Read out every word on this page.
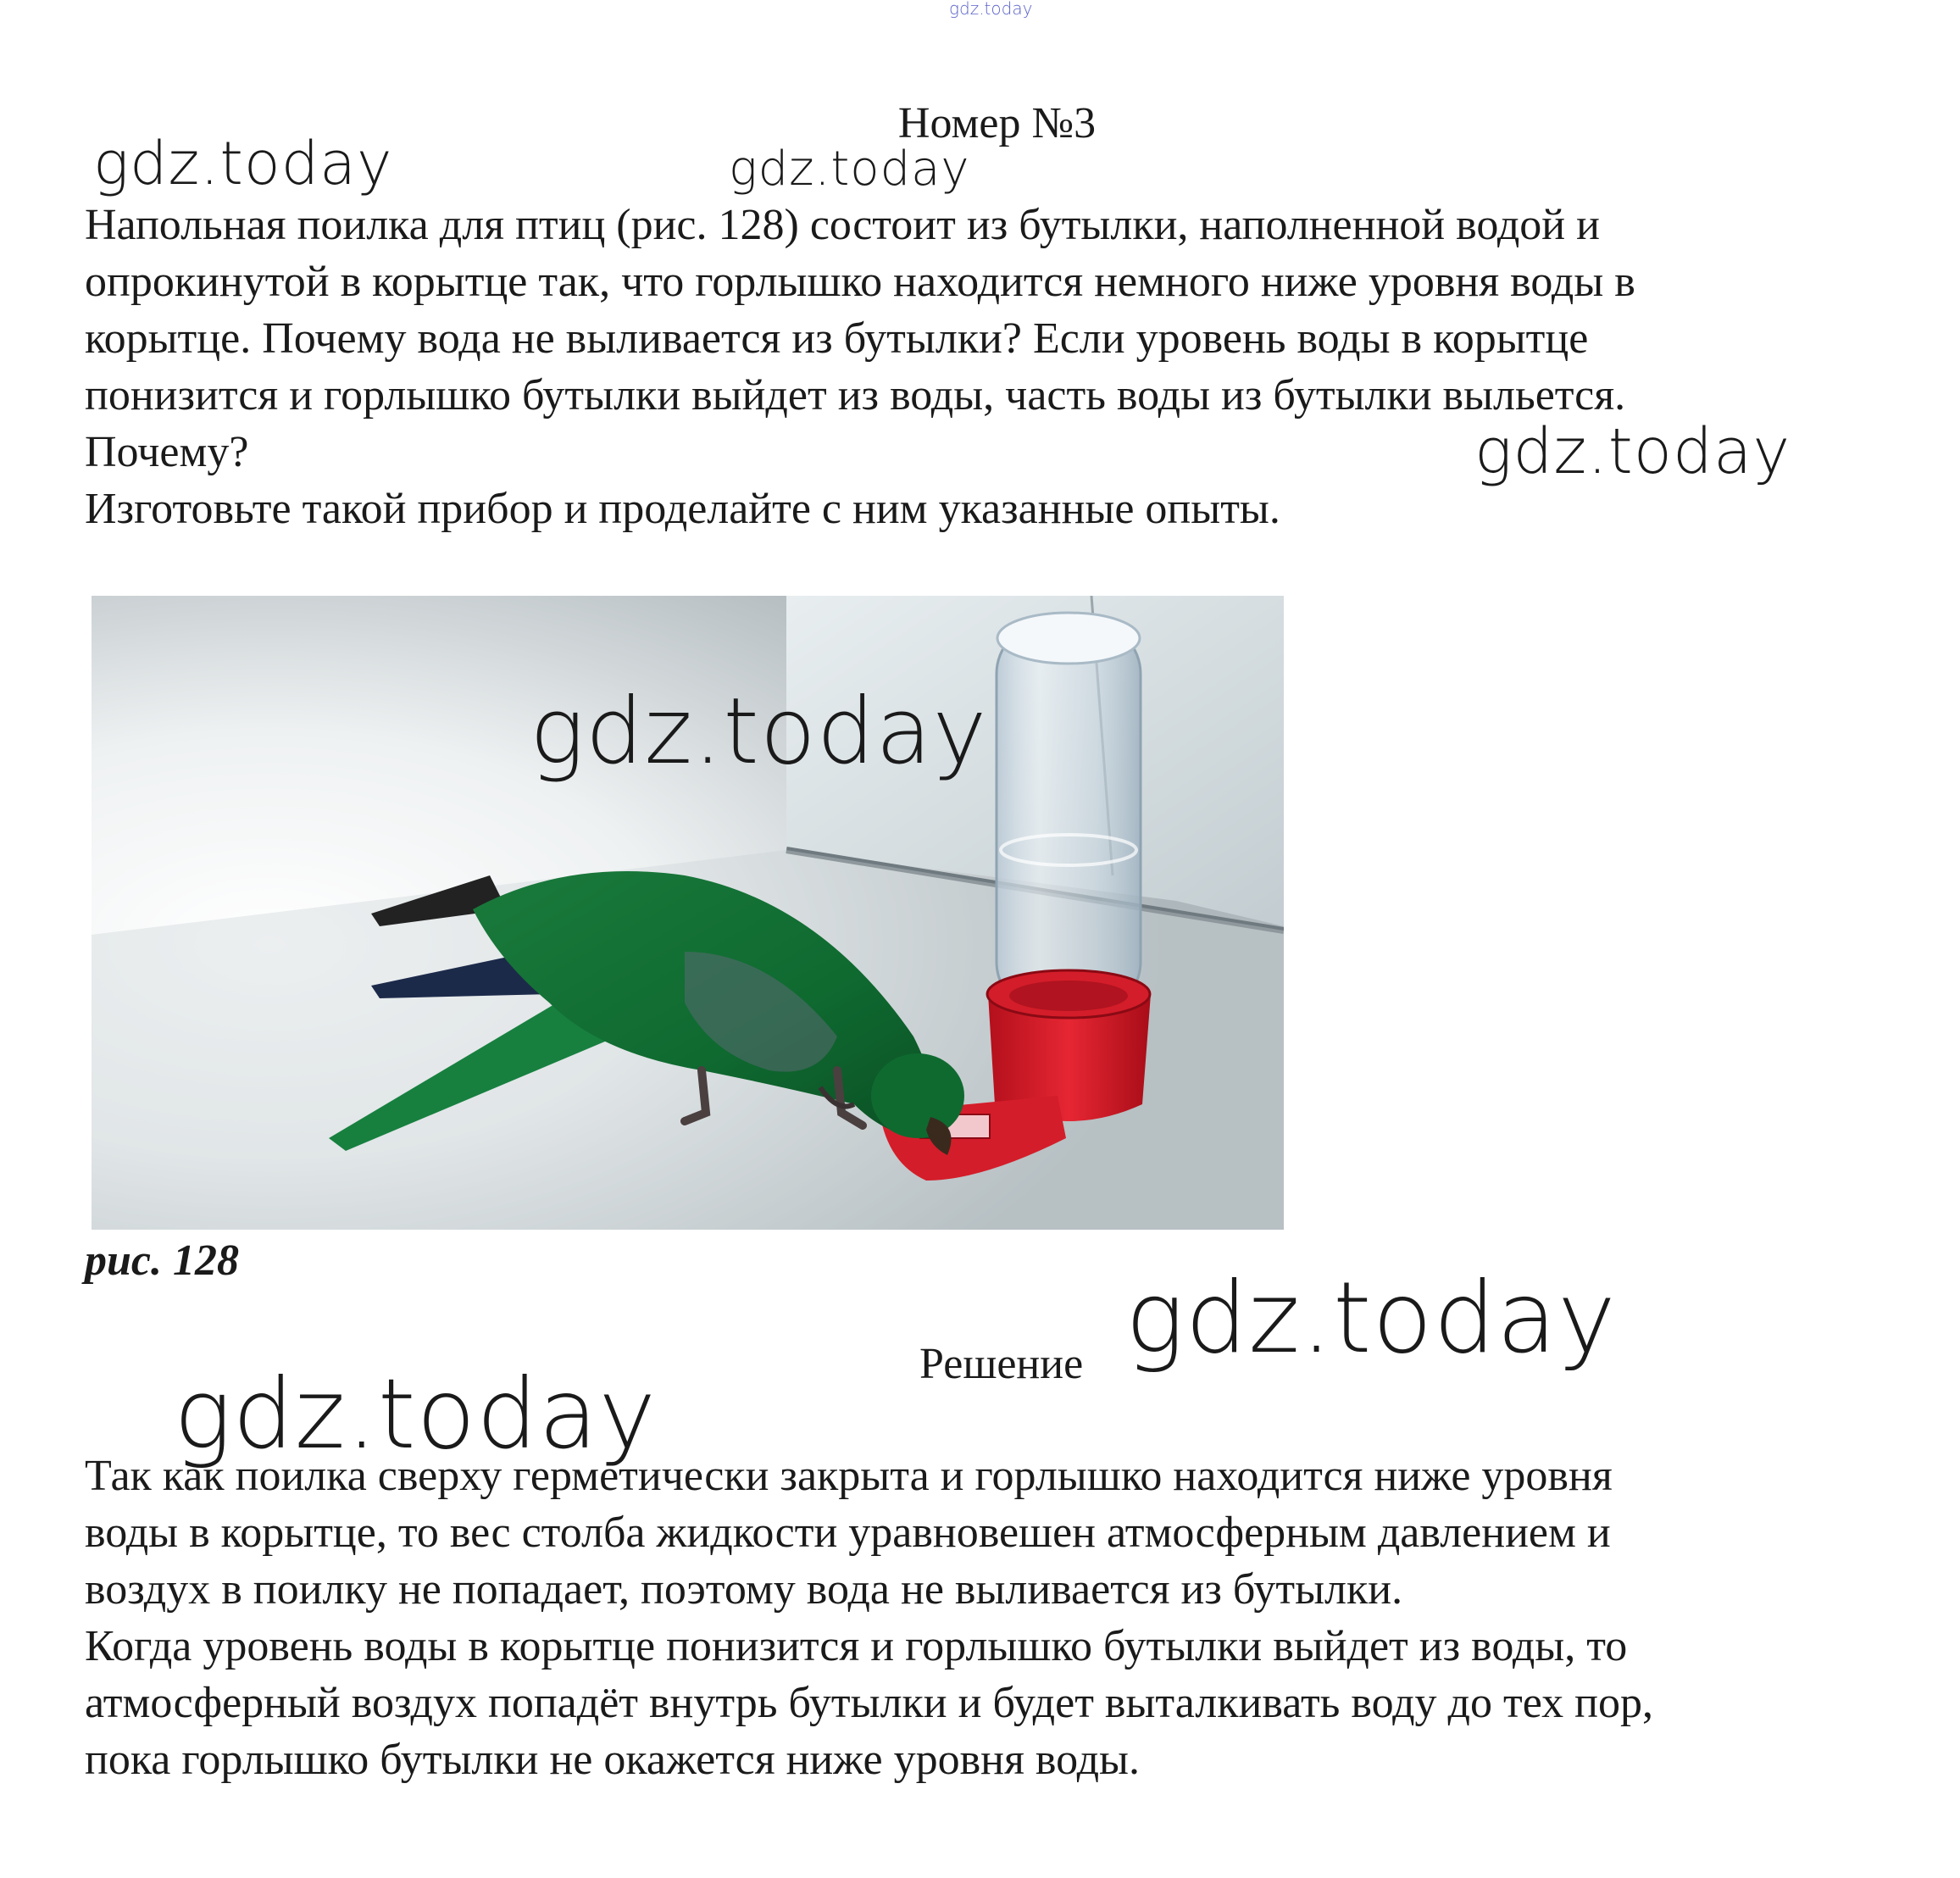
gdz.today
Номер №3
gdz.today	gdz.today
Напольная поилка для птиц (рис. 128) состоит из бутылки, наполненной водой и
опрокинутой в корытце так, что горлышко находится немного ниже уровня воды в
корытце. Почему вода не выливается из бутылки? Если уровень воды в корытце
понизится и горлышко бутылки выйдет из воды, часть воды из бутылки выльется.
Почему?
Изготовьте такой прибор и проделайте с ним указанные опыты.
gdz.today
gdz.today
рис. 128
Решение gdz.today
gdz.today
Так как поилка сверху герметически закрыта и горлышко находится ниже уровня
воды в корытце, то вес столба жидкости уравновешен атмосферным давлением и
воздух в поилку не попадает, поэтому вода не выливается из бутылки.
Когда уровень воды в корытце понизится и горлышко бутылки выйдет из воды, то
атмосферный воздух попадёт внутрь бутылки и будет выталкивать воду до тех пор,
пока горлышко бутылки не окажется ниже уровня воды.
